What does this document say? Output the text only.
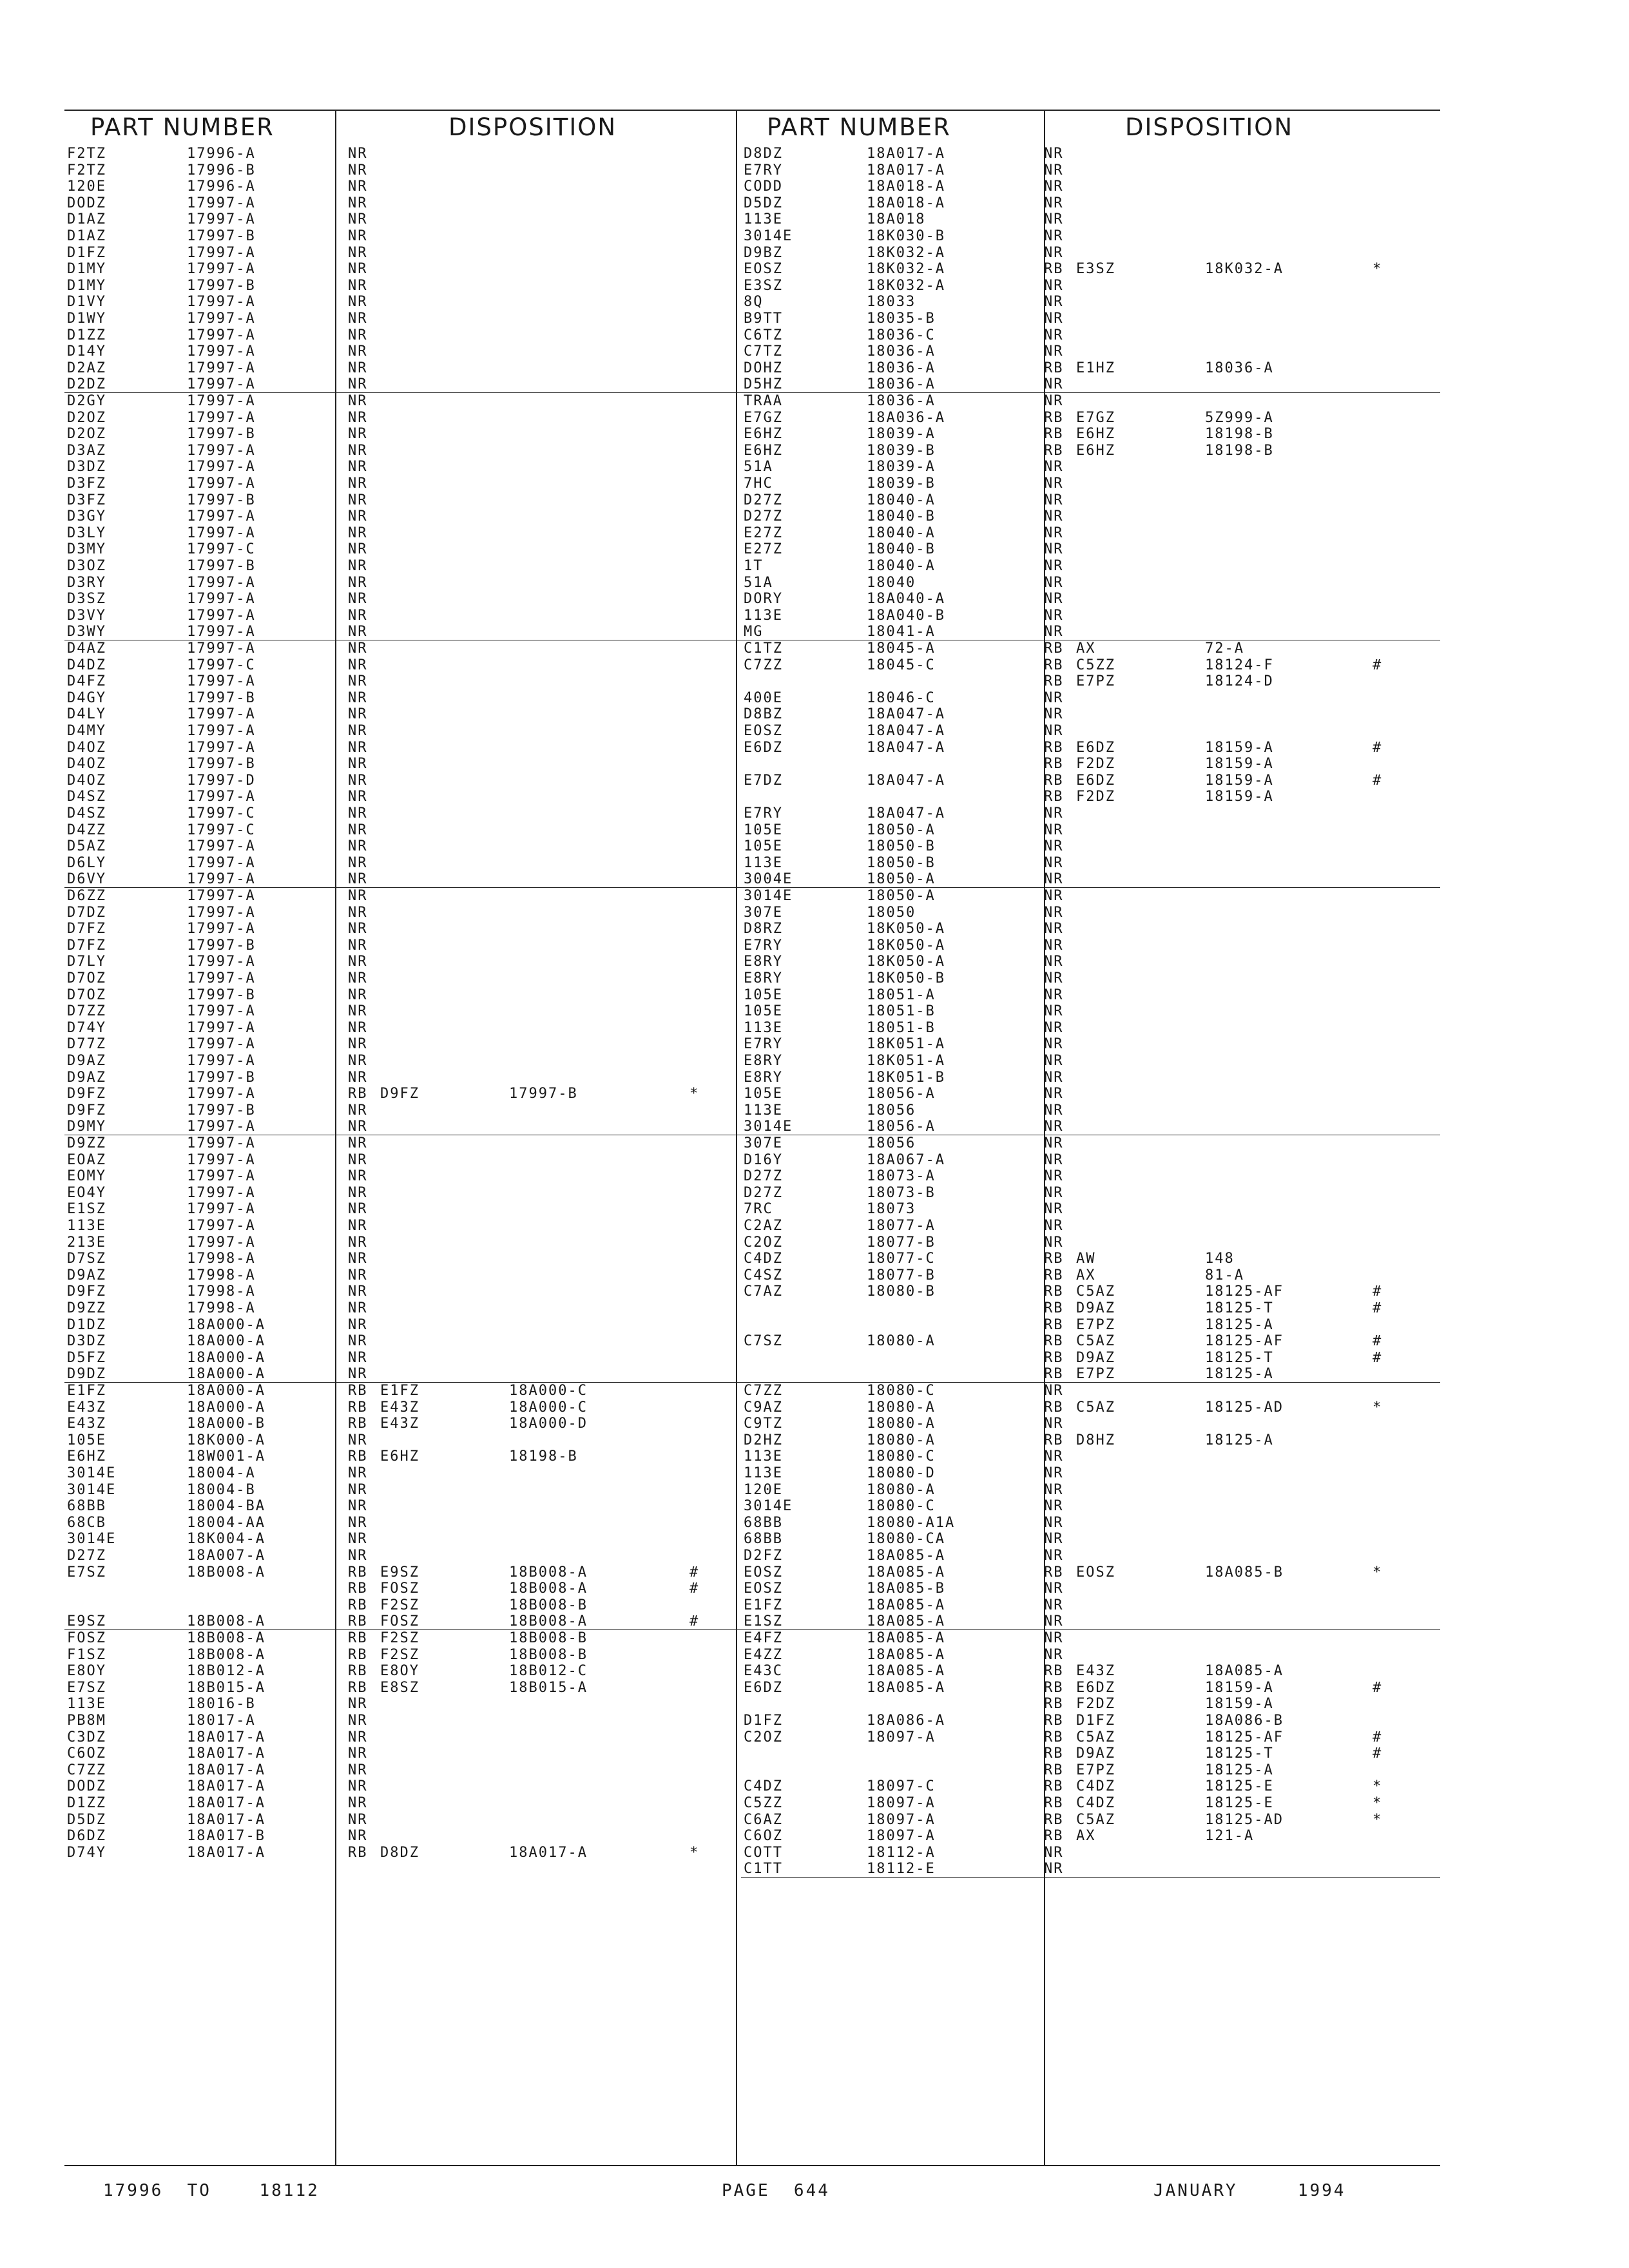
PART NUMBER	DISPOSITION
F2TZ	17996-A	NR
F2TZ	17996-B	NR
120E	17996-A	NR
DODZ	17997-A	NR
D1AZ	17997-A	NR
D1AZ	17997-B	NR
D1FZ	17997-A	NR
D1MY	17997-A	NR
D1MY	17997-B	NR
D1VY	17997-A	NR
D1WY	17997-A	NR
D1ZZ	17997-A	NR
D14Y	17997-A	NR
D2AZ	17997-A	NR
D2DZ	17997-A	NR
D2GY	17997-A	NR
D2OZ	17997-A	NR
D2OZ	17997-B	NR
D3AZ	17997-A	NR
D3DZ	17997-A	NR
D3FZ	17997-A	NR
D3FZ	17997-B	NR
D3GY	17997-A	NR
D3LY	17997-A	NR
D3MY	17997-C	NR
D3OZ	17997-B	NR
D3RY	17997-A	NR
D3SZ	17997-A	NR
D3VY	17997-A	NR
D3WY	17997-A	NR
D4AZ	17997-A	NR
D4DZ	17997-C	NR
D4FZ	17997-A	NR
D4GY	17997-B	NR
D4LY	17997-A	NR
D4MY	17997-A	NR
D4OZ	17997-A	NR
D4OZ	17997-B	NR
D4OZ	17997-D	NR
D4SZ	17997-A	NR
D4SZ	17997-C	NR
D4ZZ	17997-C	NR
D5AZ	17997-A	NR
D6LY	17997-A	NR
D6VY	17997-A	NR
D6ZZ	17997-A	NR
D7DZ	17997-A	NR
D7FZ	17997-A	NR
D7FZ	17997-B	NR
D7LY	17997-A	NR
D7OZ	17997-A	NR
D7OZ	17997-B	NR
D7ZZ	17997-A	NR
D74Y	17997-A	NR
D77Z	17997-A	NR
D9AZ	17997-A	NR
D9AZ	17997-B	NR
D9FZ	17997-A	RB D9FZ	17997-B	*
D9FZ	17997-B	NR
D9MY	17997-A	NR
D9ZZ	17997-A	NR
EOAZ	17997-A	NR
EOMY	17997-A	NR
EO4Y	17997-A	NR
E1SZ	17997-A	NR
113E	17997-A	NR
213E	17997-A	NR
D7SZ	17998-A	NR
D9AZ	17998-A	NR
D9FZ	17998-A	NR
D9ZZ	17998-A	NR
D1DZ	18A000-A	NR
D3DZ	18A000-A	NR
D5FZ	18A000-A	NR
D9DZ	18A000-A	NR
E1FZ	18A000-A	RB E1FZ	18A000-C
E43Z	18A000-A	RB E43Z	18A000-C
E43Z	18A000-B	RB E43Z	18A000-D
105E	18K000-A	NR
E6HZ	18W001-A	RB E6HZ	18198-B
3014E	18004-A	NR
3014E	18004-B	NR
68BB	18004-BA	NR
68CB	18004-AA	NR
3014E	18K004-A	NR
D27Z	18A007-A	NR
E7SZ	18B008-A	RB E9SZ	18B008-A	#
RB FOSZ	18B008-A	#
RB F2SZ	18B008-B
E9SZ	18B008-A	RB FOSZ	18B008-A	#
FOSZ	18B008-A	RB F2SZ	18B008-B
F1SZ	18B008-A	RB F2SZ	18B008-B
E8OY	18B012-A	RB E8OY	18B012-C
E7SZ	18B015-A	RB E8SZ	18B015-A
113E	18016-B	NR
PB8M	18017-A	NR
C3DZ	18A017-A	NR
C6OZ	18A017-A	NR
C7ZZ	18A017-A	NR
DODZ	18A017-A	NR
D1ZZ	18A017-A	NR
D5DZ	18A017-A	NR
D6DZ	18A017-B	NR
D74Y	18A017-A	RB D8DZ	18A017-A	*
PART NUMBER	DISPOSITION
D8DZ	18A017-A	NR
E7RY	18A017-A	NR
CODD	18A018-A	NR
D5DZ	18A018-A	NR
113E	18A018	NR
3014E	18K030-B	NR
D9BZ	18K032-A	NR
EOSZ	18K032-A	RB E3SZ	18K032-A	*
E3SZ	18K032-A	NR
8Q	18033	NR
B9TT	18035-B	NR
C6TZ	18036-C	NR
C7TZ	18036-A	NR
DOHZ	18036-A	RB E1HZ	18036-A
D5HZ	18036-A	NR
TRAA	18036-A	NR
E7GZ	18A036-A	RB E7GZ	5Z999-A
E6HZ	18039-A	RB E6HZ	18198-B
E6HZ	18039-B	RB E6HZ	18198-B
51A	18039-A	NR
7HC	18039-B	NR
D27Z	18040-A	NR
D27Z	18040-B	NR
E27Z	18040-A	NR
E27Z	18040-B	NR
1T	18040-A	NR
51A	18040	NR
DORY	18A040-A	NR
113E	18A040-B	NR
MG	18041-A	NR
C1TZ	18045-A	RB AX	72-A
C7ZZ	18045-C	RB C5ZZ	18124-F	#
RB E7PZ	18124-D
400E	18046-C	NR
D8BZ	18A047-A	NR
EOSZ	18A047-A	NR
E6DZ	18A047-A	RB E6DZ	18159-A	#
RB F2DZ	18159-A
E7DZ	18A047-A	RB E6DZ	18159-A	#
RB F2DZ	18159-A
E7RY	18A047-A	NR
105E	18050-A	NR
105E	18050-B	NR
113E	18050-B	NR
3004E	18050-A	NR
3014E	18050-A	NR
307E	18050	NR
D8RZ	18K050-A	NR
E7RY	18K050-A	NR
E8RY	18K050-A	NR
E8RY	18K050-B	NR
105E	18051-A	NR
105E	18051-B	NR
113E	18051-B	NR
E7RY	18K051-A	NR
E8RY	18K051-A	NR
E8RY	18K051-B	NR
105E	18056-A	NR
113E	18056	NR
3014E	18056-A	NR
307E	18056	NR
D16Y	18A067-A	NR
D27Z	18073-A	NR
D27Z	18073-B	NR
7RC	18073	NR
C2AZ	18077-A	NR
C2OZ	18077-B	NR
C4DZ	18077-C	RB AW	148
C4SZ	18077-B	RB AX	81-A
C7AZ	18080-B	RB C5AZ	18125-AF	#
RB D9AZ	18125-T	#
RB E7PZ	18125-A
C7SZ	18080-A	RB C5AZ	18125-AF	#
RB D9AZ	18125-T	#
RB E7PZ	18125-A
C7ZZ	18080-C	NR
C9AZ	18080-A	RB C5AZ	18125-AD	*
C9TZ	18080-A	NR
D2HZ	18080-A	RB D8HZ	18125-A
113E	18080-C	NR
113E	18080-D	NR
120E	18080-A	NR
3014E	18080-C	NR
68BB	18080-A1A	NR
68BB	18080-CA	NR
D2FZ	18A085-A	NR
EOSZ	18A085-A	RB EOSZ	18A085-B	*
EOSZ	18A085-B	NR
E1FZ	18A085-A	NR
E1SZ	18A085-A	NR
E4FZ	18A085-A	NR
E4ZZ	18A085-A	NR
E43C	18A085-A	RB E43Z	18A085-A
E6DZ	18A085-A	RB E6DZ	18159-A	#
RB F2DZ	18159-A
D1FZ	18A086-A	RB D1FZ	18A086-B
C2OZ	18097-A	RB C5AZ	18125-AF	#
RB D9AZ	18125-T	#
RB E7PZ	18125-A
C4DZ	18097-C	RB C4DZ	18125-E	*
C5ZZ	18097-A	RB C4DZ	18125-E	*
C6AZ	18097-A	RB C5AZ	18125-AD	*
C6OZ	18097-A	RB AX	121-A
COTT	18112-A	NR
C1TT	18112-E	NR
17996  TO    18112	PAGE  644	JANUARY     1994
